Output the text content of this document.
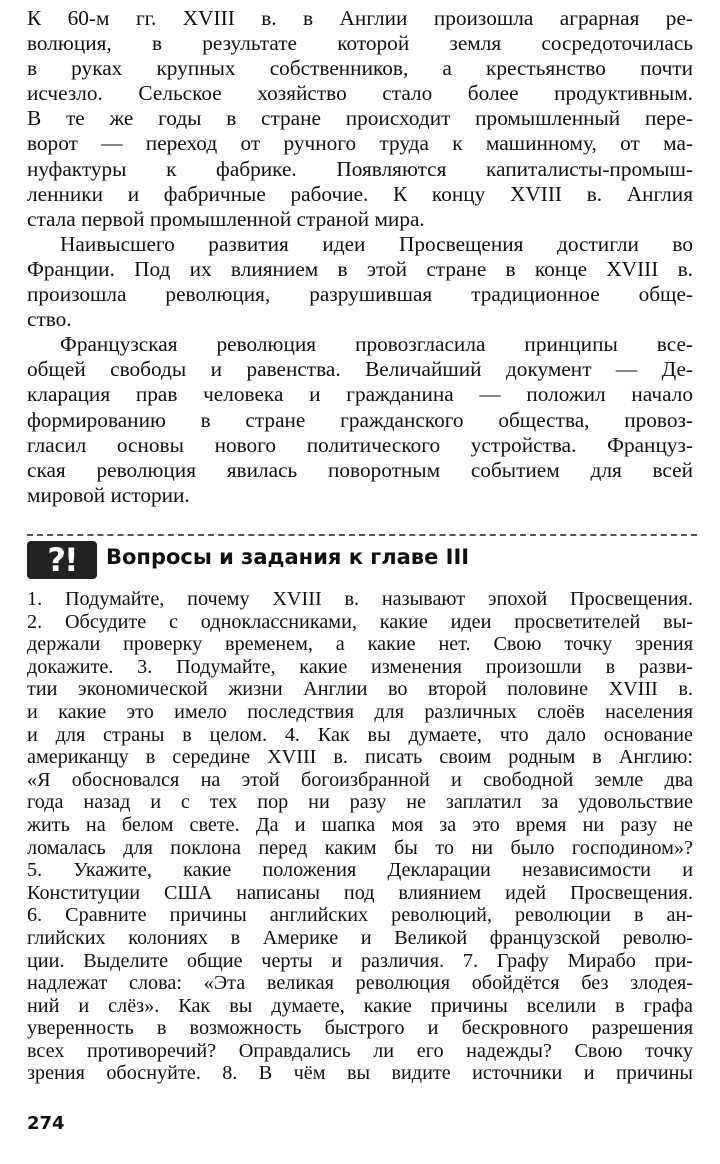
К 60-м гг. XVIII в. в Англии произошла аграрная ре-
волюция, в результате которой земля сосредоточилась
в руках крупных собственников, а крестьянство почти
исчезло. Сельское хозяйство стало более продуктивным.
В те же годы в стране происходит промышленный пере-
ворот — переход от ручного труда к машинному, от ма-
нуфактуры к фабрике. Появляются капиталисты-промыш-
ленники и фабричные рабочие. К концу XVIII в. Англия
стала первой промышленной страной мира.
Наивысшего развития идеи Просвещения достигли во
Франции. Под их влиянием в этой стране в конце XVIII в.
произошла революция, разрушившая традиционное обще-
ство.
Французская революция провозгласила принципы все-
общей свободы и равенства. Величайший документ — Де-
кларация прав человека и гражданина — положил начало
формированию в стране гражданского общества, провоз-
гласил основы нового политического устройства. Француз-
ская революция явилась поворотным событием для всей
мировой истории.
?!	Вопросы и задания к главе III
1. Подумайте, почему XVIII в. называют эпохой Просвещения.
2. Обсудите с одноклассниками, какие идеи просветителей вы-
держали проверку временем, а какие нет. Свою точку зрения
докажите. 3. Подумайте, какие изменения произошли в разви-
тии экономической жизни Англии во второй половине XVIII в.
и какие это имело последствия для различных слоёв населения
и для страны в целом. 4. Как вы думаете, что дало основание
американцу в середине XVIII в. писать своим родным в Англию:
«Я обосновался на этой богоизбранной и свободной земле два
года назад и с тех пор ни разу не заплатил за удовольствие
жить на белом свете. Да и шапка моя за это время ни разу не
ломалась для поклона перед каким бы то ни было господином»?
5. Укажите, какие положения Декларации независимости и
Конституции США написаны под влиянием идей Просвещения.
6. Сравните причины английских революций, революции в ан-
глийских колониях в Америке и Великой французской револю-
ции. Выделите общие черты и различия. 7. Графу Мирабо при-
надлежат слова: «Эта великая революция обойдётся без злодея-
ний и слёз». Как вы думаете, какие причины вселили в графа
уверенность в возможность быстрого и бескровного разрешения
всех противоречий? Оправдались ли его надежды? Свою точку
зрения обоснуйте. 8. В чём вы видите источники и причины
274
